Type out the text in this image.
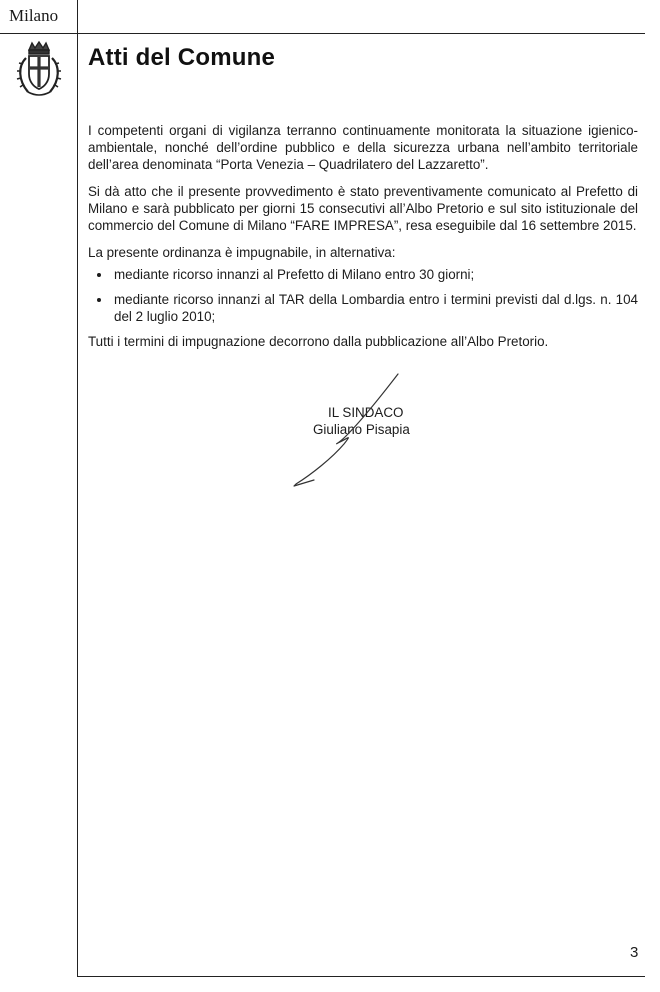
Milano
Atti del Comune

I competenti organi di vigilanza terranno continuamente monitorata la situazione igienico-ambientale, nonché dell’ordine pubblico e della sicurezza urbana nell’ambito territoriale dell’area denominata “Porta Venezia – Quadrilatero del Lazzaretto”.

Si dà atto che il presente provvedimento è stato preventivamente comunicato al Prefetto di Milano e sarà pubblicato per giorni 15 consecutivi all’Albo Pretorio e sul sito istituzionale del commercio del Comune di Milano “FARE IMPRESA”, resa eseguibile dal 16 settembre 2015.

La presente ordinanza è impugnabile, in alternativa:

• mediante ricorso innanzi al Prefetto di Milano entro 30 giorni;
• mediante ricorso innanzi al TAR della Lombardia entro i termini previsti dal d.lgs. n. 104 del 2 luglio 2010;

Tutti i termini di impugnazione decorrono dalla pubblicazione all’Albo Pretorio.

IL SINDACO
Giuliano Pisapia
3
